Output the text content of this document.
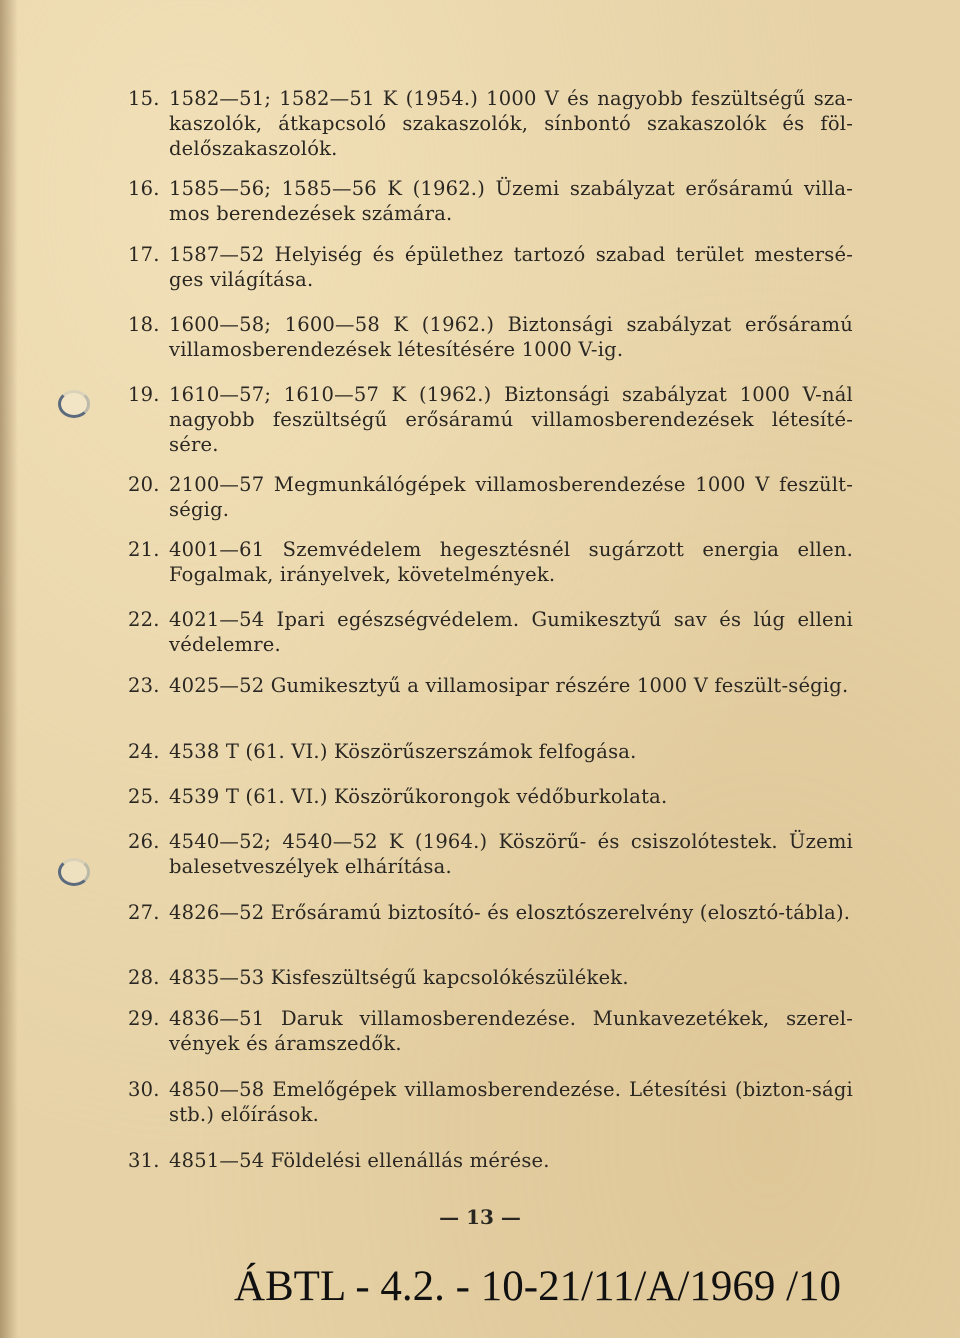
15. 1582—51; 1582—51 K (1954.) 1000 V és nagyobb feszültségű sza-kaszolók, átkapcsoló szakaszolók, sínbontó szakaszolók és föl-delőszakaszolók.
16. 1585—56; 1585—56 K (1962.) Üzemi szabályzat erősáramú villa-mos berendezések számára.
17. 1587—52 Helyiség és épülethez tartozó szabad terület mestersé-ges világítása.
18. 1600—58; 1600—58 K (1962.) Biztonsági szabályzat erősáramú villamosberendezések létesítésére 1000 V-ig.
19. 1610—57; 1610—57 K (1962.) Biztonsági szabályzat 1000 V-nál nagyobb feszültségű erősáramú villamosberendezések létesíté-sére.
20. 2100—57 Megmunkálógépek villamosberendezése 1000 V feszült-ségig.
21. 4001—61 Szemvédelem hegesztésnél sugárzott energia ellen. Fogalmak, irányelvek, követelmények.
22. 4021—54 Ipari egészségvédelem. Gumikesztyű sav és lúg elleni védelemre.
23. 4025—52 Gumikesztyű a villamosipar részére 1000 V feszült-ségig.
24. 4538 T (61. VI.) Köszörűszerszámok felfogása.
25. 4539 T (61. VI.) Köszörűkorongok védőburkolata.
26. 4540—52; 4540—52 K (1964.) Köszörű- és csiszolótestek. Üzemi balesetveszélyek elhárítása.
27. 4826—52 Erősáramú biztosító- és elosztószerelvény (elosztó-tábla).
28. 4835—53 Kisfeszültségű kapcsolókészülékek.
29. 4836—51 Daruk villamosberendezése. Munkavezetékek, szerel-vények és áramszedők.
30. 4850—58 Emelőgépek villamosberendezése. Létesítési (bizton-sági stb.) előírások.
31. 4851—54 Földelési ellenállás mérése.
— 13 —
ÁBTL - 4.2. - 10-21/11/A/1969 /10
